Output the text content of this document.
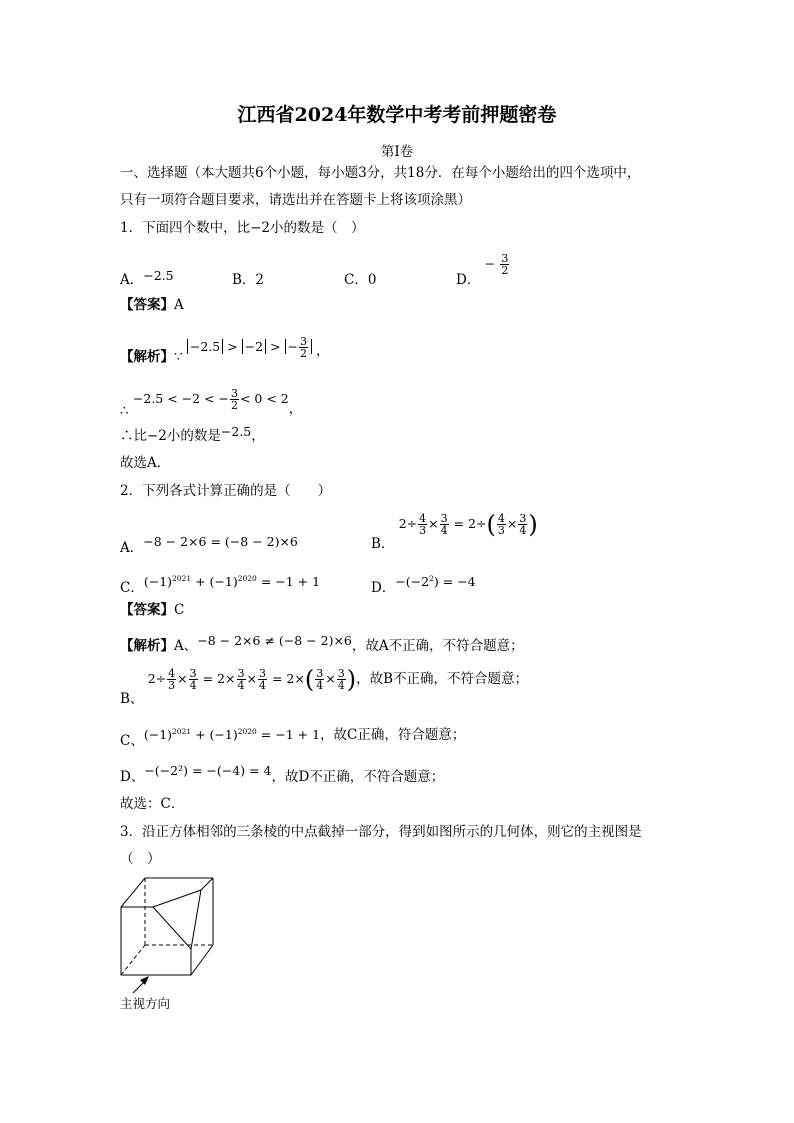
江西省2024年数学中考考前押题密卷
第I卷
一、选择题（本大题共6个小题，每小题3分，共18分．在每个小题给出的四个选项中，
只有一项符合题目要求，请选出并在答题卡上将该项涂黑）
1．下面四个数中，比−2小的数是（　）
A．−2.5	B．2	C．0	D． − $\frac{3}{2}$
【答案】A
【解析】∵ −2.5 > −2 > − $\frac{3}{2}$ ，
∴ −2.5 < −2 < − $\frac{3}{2} < 0 < 2$，
∴比−2小的数是−2.5，
故选A．
2．下列各式计算正确的是（　　）
A．−8 − 2×6 = (−8 − 2)×6	B． $2\div \frac{4}{3} \times \frac{3}{4} = 2\div( \frac{4}{3} \times \frac{3}{4}$ )
C．$(-1)^{2021} + (-1)^{2020} = -1 + 1$	D．$-(-2^2) = -4$
【答案】C
【解析】A、−8 − 2×6 ≠ (−8 − 2)×6，故A不正确，不符合题意；
B、 $2\div \frac{4}{3} \times \frac{3}{4} = 2\times \frac{3}{4} \times \frac{3}{4} = 2\times( \frac{3}{4} \times \frac{3}{4}$ )，故B不正确，不符合题意；
C、$(-1)^{2021} + (-1)^{2020} = -1 + 1$，故C正确，符合题意；
D、−(−2²) = −(−4) = 4，故D不正确，不符合题意；
故选：C．
3．沿正方体相邻的三条棱的中点截掉一部分，得到如图所示的几何体，则它的主视图是
（　）
主视方向
